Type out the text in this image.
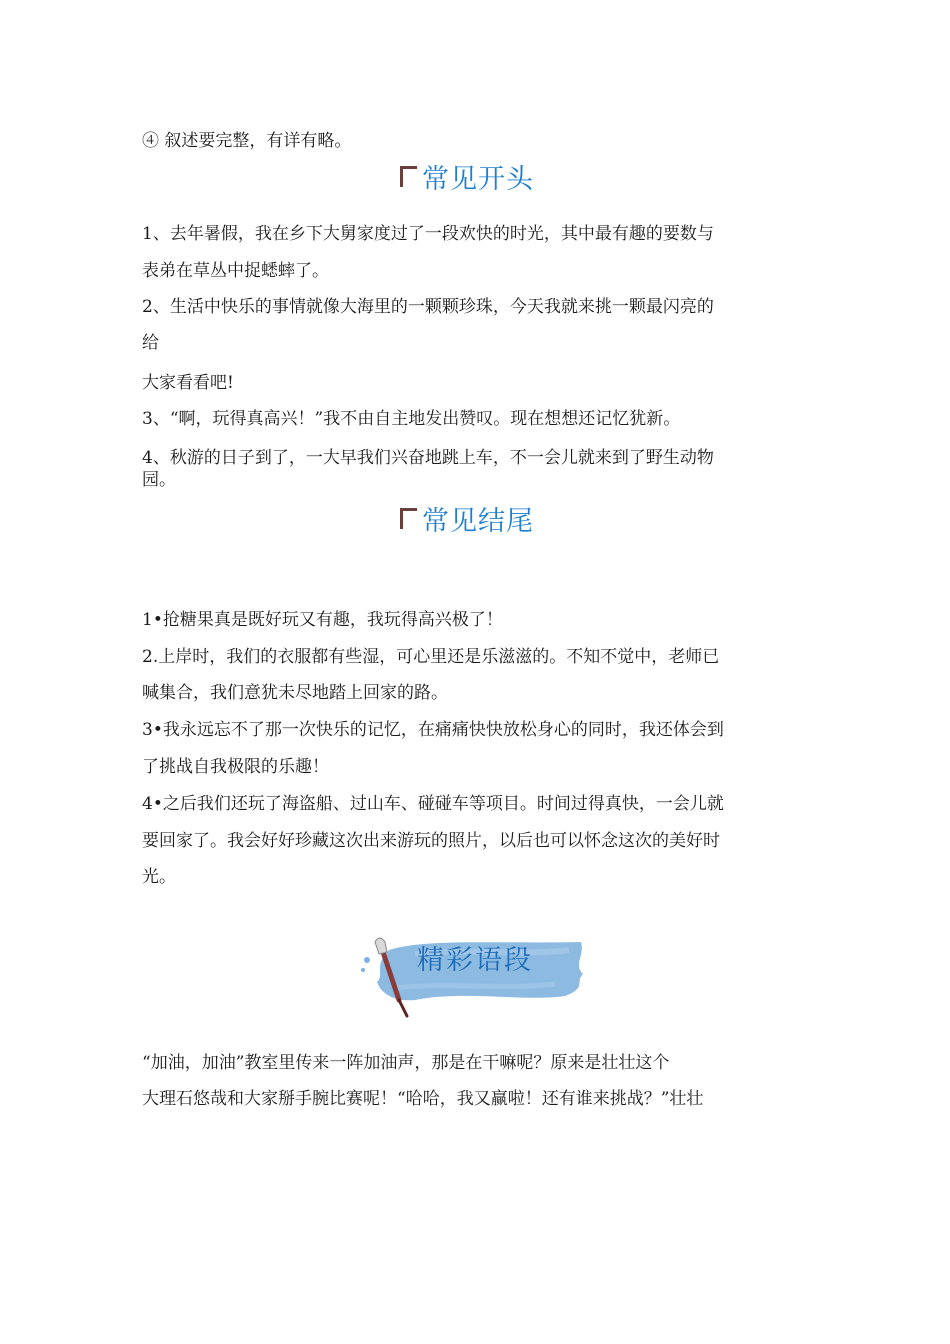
④ 叙述要完整，有详有略。
常见开头
1、去年暑假，我在乡下大舅家度过了一段欢快的时光，其中最有趣的要数与
表弟在草丛中捉蟋蟀了。
2、生活中快乐的事情就像大海里的一颗颗珍珠，今天我就来挑一颗最闪亮的
给
大家看看吧!
3、“啊，玩得真高兴！”我不由自主地发出赞叹。现在想想还记忆犹新。
4、秋游的日子到了，一大早我们兴奋地跳上车，不一会儿就来到了野生动物
园。
常见结尾
1•抢糖果真是既好玩又有趣，我玩得高兴极了！
2.上岸时，我们的衣服都有些湿，可心里还是乐滋滋的。不知不觉中，老师已
喊集合，我们意犹未尽地踏上回家的路。
3•我永远忘不了那一次快乐的记忆，在痛痛快快放松身心的同时，我还体会到
了挑战自我极限的乐趣！
4•之后我们还玩了海盗船、过山车、碰碰车等项目。时间过得真快，一会儿就
要回家了。我会好好珍藏这次出来游玩的照片，以后也可以怀念这次的美好时
光。
精彩语段
“加油，加油”教室里传来一阵加油声，那是在干嘛呢？原来是壮壮这个
大理石悠哉和大家掰手腕比赛呢！“哈哈，我又赢啦！还有谁来挑战？”壮壮
